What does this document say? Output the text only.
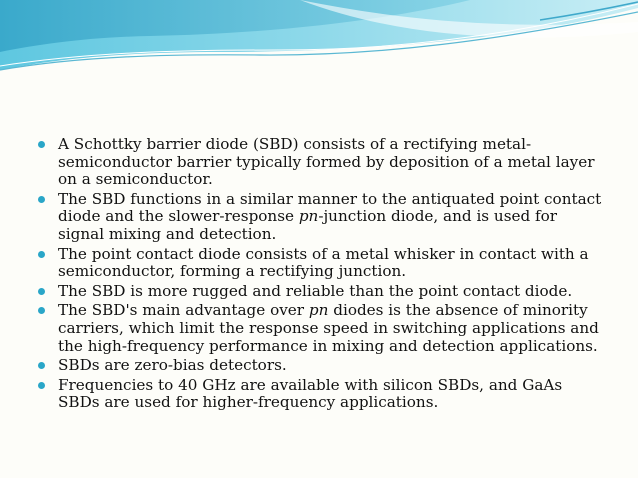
A Schottky barrier diode (SBD) consists of a rectifying metal-semiconductor barrier typically formed by deposition of a metal layer on a semiconductor.
The SBD functions in a similar manner to the antiquated point contact diode and the slower-response pn-junction diode, and is used for signal mixing and detection.
The point contact diode consists of a metal whisker in contact with a semiconductor, forming a rectifying junction.
The SBD is more rugged and reliable than the point contact diode.
The SBD's main advantage over pn diodes is the absence of minority carriers, which limit the response speed in switching applications and the high-frequency performance in mixing and detection applications.
SBDs are zero-bias detectors.
Frequencies to 40 GHz are available with silicon SBDs, and GaAs SBDs are used for higher-frequency applications.
